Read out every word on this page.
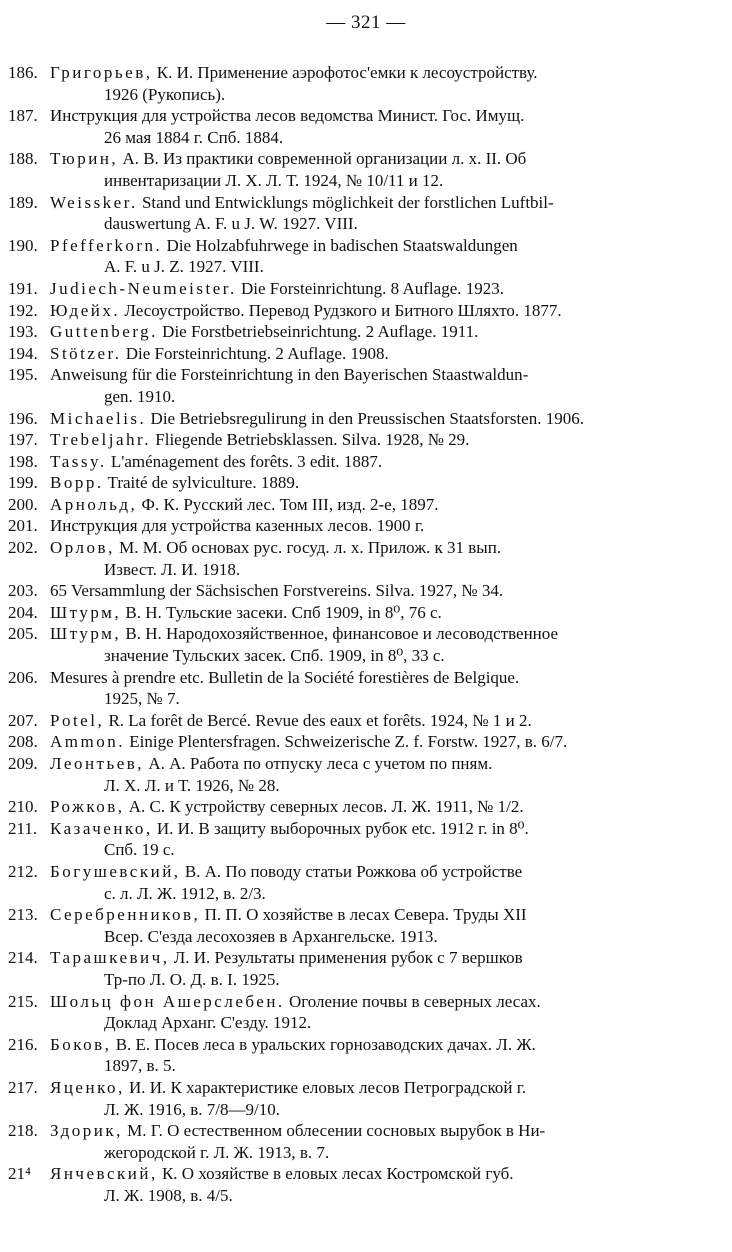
— 321 —
186. Григорьев, К. И. Применение аэрофотос'емки к лесоустройству.
1926 (Рукопись).
187. Инструкция для устройства лесов ведомства Минист. Гос. Имущ.
26 мая 1884 г. Спб. 1884.
188. Тюрин, А. В. Из практики современной организации л. х. II. Об
инвентаризации Л. Х. Л. Т. 1924, № 10/11 и 12.
189. Weissker. Stand und Entwicklungs möglichkeit der forstlichen Luftbil-
dauswertung A. F. u J. W. 1927. VIII.
190. Pfefferkorn. Die Holzabfuhrwege in badischen Staatswaldungen
A. F. u J. Z. 1927. VIII.
191. Judiech-Neumeister. Die Forsteinrichtung. 8 Auflage. 1923.
192. Юдейх. Лесоустройство. Перевод Рудзкого и Битного Шляхто. 1877.
193. Guttenberg. Die Forstbetriebseinrichtung. 2 Auflage. 1911.
194. Stötzer. Die Forsteinrichtung. 2 Auflage. 1908.
195. Anweisung für die Forsteinrichtung in den Bayerischen Staastwaldun-
gen. 1910.
196. Michaelis. Die Betriebsregulirung in den Preussischen Staatsforsten. 1906.
197. Trebeljahr. Fliegende Betriebsklassen. Silva. 1928, № 29.
198. Tassy. L'aménagement des forêts. 3 edit. 1887.
199. Bopp. Traité de sylviculture. 1889.
200. Арнольд, Ф. К. Русский лес. Том III, изд. 2-е, 1897.
201. Инструкция для устройства казенных лесов. 1900 г.
202. Орлов, М. М. Об основах рус. госуд. л. х. Прилож. к 31 вып.
Извест. Л. И. 1918.
203. 65 Versammlung der Sächsischen Forstvereins. Silva. 1927, № 34.
204. Штурм, В. Н. Тульские засеки. Спб 1909, in 8⁰, 76 с.
205. Штурм, В. Н. Народохозяйственное, финансовое и лесоводственное
значение Тульских засек. Спб. 1909, in 8⁰, 33 с.
206. Mesures à prendre etc. Bulletin de la Société forestières de Belgique.
1925, № 7.
207. Potel, R. La forêt de Bercé. Revue des eaux et forêts. 1924, № 1 и 2.
208. Ammon. Einige Plentersfragen. Schweizerische Z. f. Forstw. 1927, в. 6/7.
209. Леонтьев, А. А. Работа по отпуску леса с учетом по пням.
Л. Х. Л. и Т. 1926, № 28.
210. Рожков, А. С. К устройству северных лесов. Л. Ж. 1911, № 1/2.
211. Казаченко, И. И. В защиту выборочных рубок etc. 1912 г. in 8⁰.
Спб. 19 с.
212. Богушевский, В. А. По поводу статьи Рожкова об устройстве
с. л. Л. Ж. 1912, в. 2/3.
213. Серебренников, П. П. О хозяйстве в лесах Севера. Труды XII
Всер. С'езда лесохозяев в Архангельске. 1913.
214. Тарашкевич, Л. И. Результаты применения рубок с 7 вершков
Тр-по Л. О. Д. в. I. 1925.
215. Шольц фон Ашерслебен. Оголение почвы в северных лесах.
Доклад Арханг. С'езду. 1912.
216. Боков, В. Е. Посев леса в уральских горнозаводских дачах. Л. Ж.
1897, в. 5.
217. Яценко, И. И. К характеристике еловых лесов Петроградской г.
Л. Ж. 1916, в. 7/8—9/10.
218. Здорик, М. Г. О естественном облесении сосновых вырубок в Ни-
жегородской г. Л. Ж. 1913, в. 7.
21⁴	Янчевский, К. О хозяйстве в еловых лесах Костромской губ.
Л. Ж. 1908, в. 4/5.
